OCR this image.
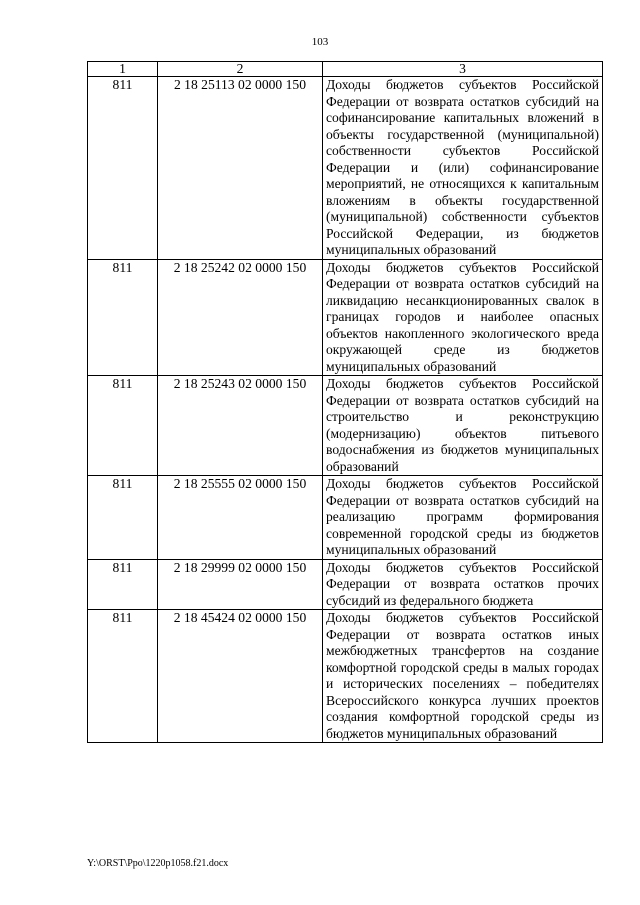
103
1	2	3
811	2 18 25113 02 0000 150	Доходы бюджетов субъектов Российской Федерации от возврата остатков субсидий на софинансирование капитальных вложений в объекты государственной (муниципальной) собственности субъектов Российской Федерации и (или) софинансирование мероприятий, не относящихся к капитальным вложениям в объекты государственной (муниципальной) собственности субъектов Российской Федерации, из бюджетов муниципальных образований
811	2 18 25242 02 0000 150	Доходы бюджетов субъектов Российской Федерации от возврата остатков субсидий на ликвидацию несанкционированных свалок в границах городов и наиболее опасных объектов накопленного экологического вреда окружающей среде из бюджетов муниципальных образований
811	2 18 25243 02 0000 150	Доходы бюджетов субъектов Российской Федерации от возврата остатков субсидий на строительство и реконструкцию (модернизацию) объектов питьевого водоснабжения из бюджетов муниципальных образований
811	2 18 25555 02 0000 150	Доходы бюджетов субъектов Российской Федерации от возврата остатков субсидий на реализацию программ формирования современной городской среды из бюджетов муниципальных образований
811	2 18 29999 02 0000 150	Доходы бюджетов субъектов Российской Федерации от возврата остатков прочих субсидий из федерального бюджета
811	2 18 45424 02 0000 150	Доходы бюджетов субъектов Российской Федерации от возврата остатков иных межбюджетных трансфертов на создание комфортной городской среды в малых городах и исторических поселениях – победителях Всероссийского конкурса лучших проектов создания комфортной городской среды из бюджетов муниципальных образований
Y:\ORST\Ppo\1220p1058.f21.docx
